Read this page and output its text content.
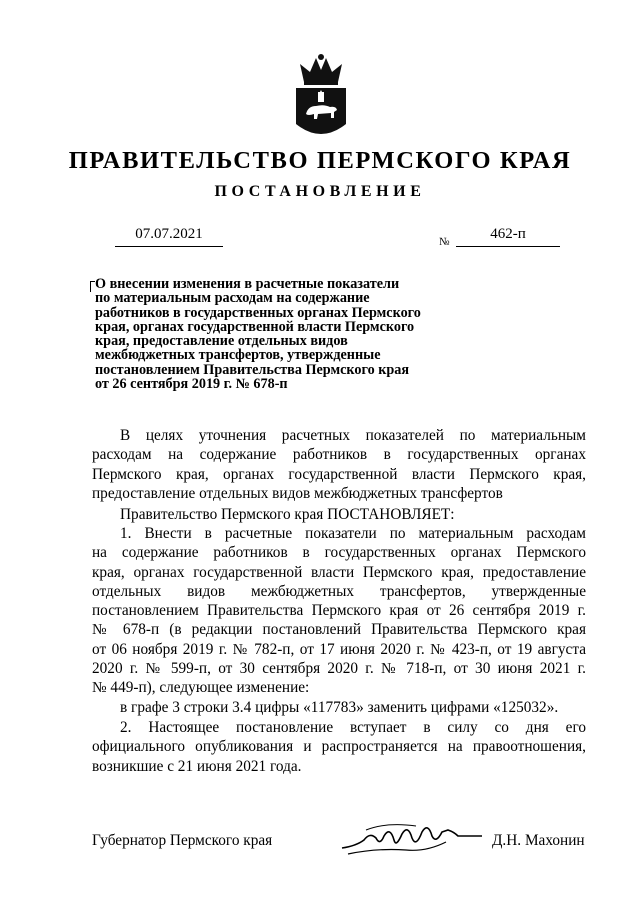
ПРАВИТЕЛЬСТВО ПЕРМСКОГО КРАЯ
ПОСТАНОВЛЕНИЕ
07.07.2021	№	462-п
О внесении изменения в расчетные показатели
по материальным расходам на содержание
работников в государственных органах Пермского
края, органах государственной власти Пермского
края, предоставление отдельных видов
межбюджетных трансфертов, утвержденные
постановлением Правительства Пермского края
от 26 сентября 2019 г. № 678-п
В целях уточнения расчетных показателей по материальным
расходам на содержание работников в государственных органах
Пермского края, органах государственной власти Пермского края,
предоставление отдельных видов межбюджетных трансфертов
Правительство Пермского края ПОСТАНОВЛЯЕТ:
1. Внести в расчетные показатели по материальным расходам
на содержание работников в государственных органах Пермского
края, органах государственной власти Пермского края, предоставление
отдельных видов межбюджетных трансфертов, утвержденные
постановлением Правительства Пермского края от 26 сентября 2019 г.
№ 678-п (в редакции постановлений Правительства Пермского края
от 06 ноября 2019 г. № 782-п, от 17 июня 2020 г. № 423-п, от 19 августа
2020 г. № 599-п, от 30 сентября 2020 г. № 718-п, от 30 июня 2021 г.
№ 449-п), следующее изменение:
в графе 3 строки 3.4 цифры «117783» заменить цифрами «125032».
2. Настоящее постановление вступает в силу со дня его
официального опубликования и распространяется на правоотношения,
возникшие с 21 июня 2021 года.
Губернатор Пермского края	Д.Н. Махонин
